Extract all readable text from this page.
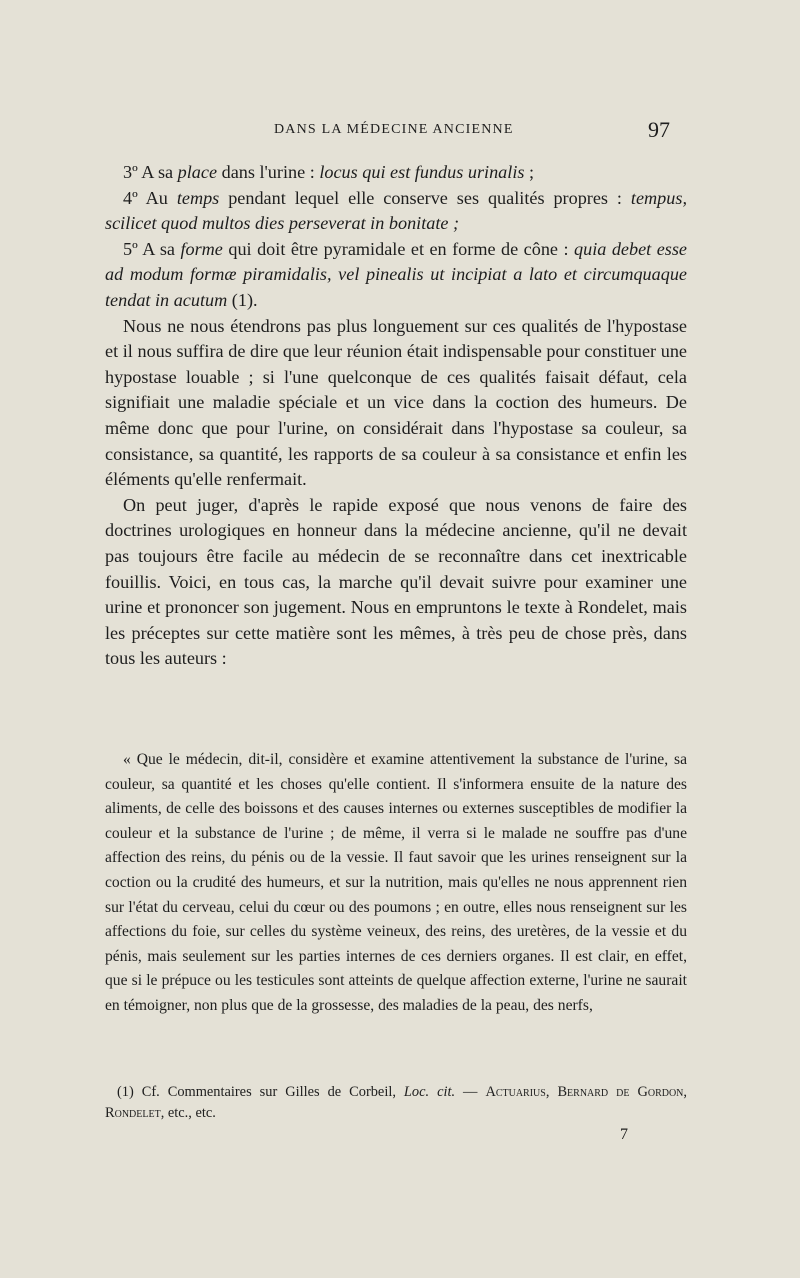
DANS LA MÉDECINE ANCIENNE	97

3º A sa place dans l'urine : locus qui est fundus urinalis ;

4º Au temps pendant lequel elle conserve ses qualités propres : tempus, scilicet quod multos dies perseverat in bonitate ;

5º A sa forme qui doit être pyramidale et en forme de cône : quia debet esse ad modum formæ piramidalis, vel pinealis ut incipiat a lato et circumquaque tendat in acutum (1).

Nous ne nous étendrons pas plus longuement sur ces qualités de l'hypostase et il nous suffira de dire que leur réunion était indispensable pour constituer une hypostase louable ; si l'une quelconque de ces qualités faisait défaut, cela signifiait une maladie spéciale et un vice dans la coction des humeurs. De même donc que pour l'urine, on considérait dans l'hypostase sa couleur, sa consistance, sa quantité, les rapports de sa couleur à sa consistance et enfin les éléments qu'elle renfermait.

On peut juger, d'après le rapide exposé que nous venons de faire des doctrines urologiques en honneur dans la médecine ancienne, qu'il ne devait pas toujours être facile au médecin de se reconnaître dans cet inextricable fouillis. Voici, en tous cas, la marche qu'il devait suivre pour examiner une urine et prononcer son jugement. Nous en empruntons le texte à Rondelet, mais les préceptes sur cette matière sont les mêmes, à très peu de chose près, dans tous les auteurs :

« Que le médecin, dit-il, considère et examine attentivement la substance de l'urine, sa couleur, sa quantité et les choses qu'elle contient. Il s'informera ensuite de la nature des aliments, de celle des boissons et des causes internes ou externes susceptibles de modifier la couleur et la substance de l'urine ; de même, il verra si le malade ne souffre pas d'une affection des reins, du pénis ou de la vessie. Il faut savoir que les urines renseignent sur la coction ou la crudité des humeurs, et sur la nutrition, mais qu'elles ne nous apprennent rien sur l'état du cerveau, celui du cœur ou des poumons ; en outre, elles nous renseignent sur les affections du foie, sur celles du système veineux, des reins, des uretères, de la vessie et du pénis, mais seulement sur les parties internes de ces derniers organes. Il est clair, en effet, que si le prépuce ou les testicules sont atteints de quelque affection externe, l'urine ne saurait en témoigner, non plus que de la grossesse, des maladies de la peau, des nerfs,

(1) Cf. Commentaires sur Gilles de Corbeil, Loc. cit. — Actuarius, Bernard de Gordon, Rondelet, etc., etc.

7
